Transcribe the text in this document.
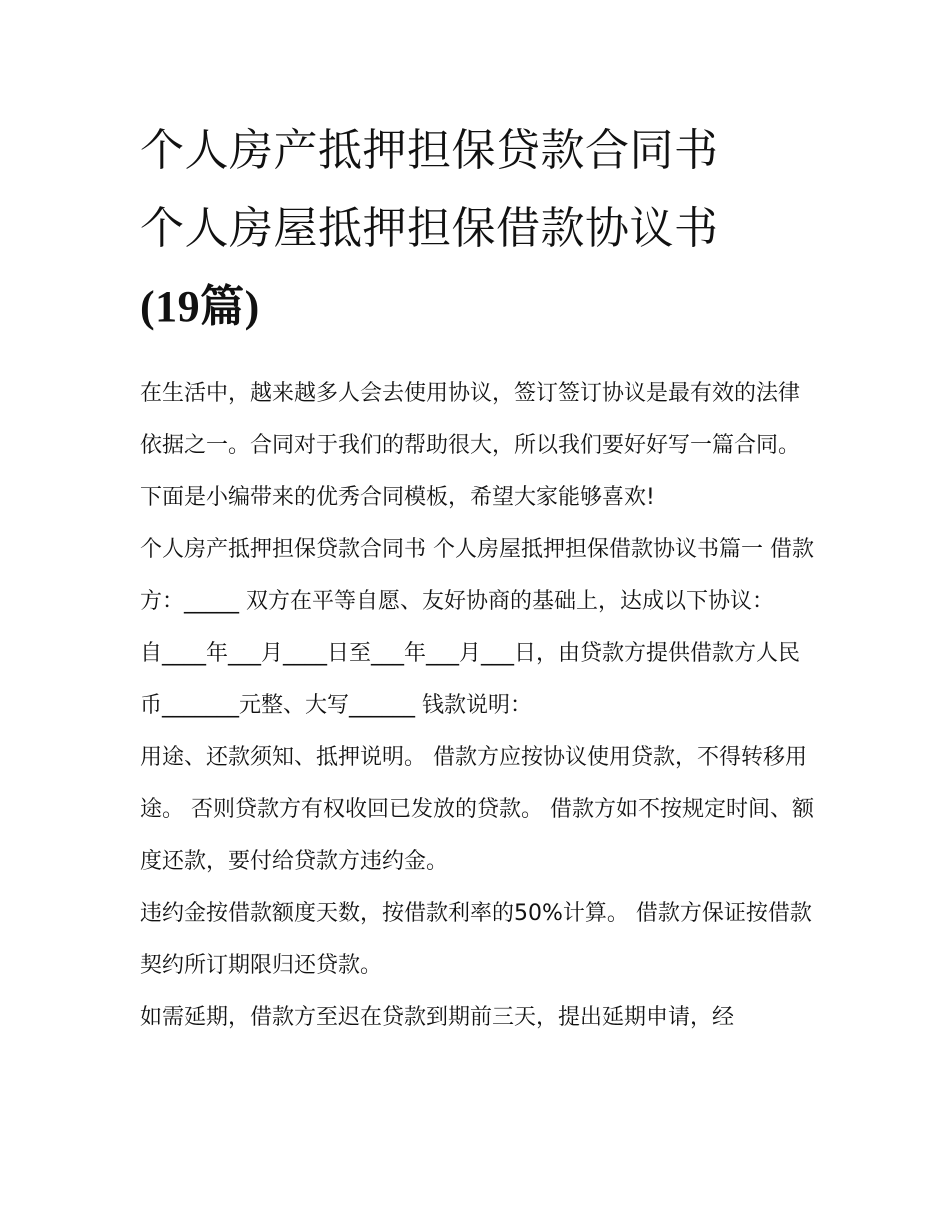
个人房产抵押担保贷款合同书
个人房屋抵押担保借款协议书
(19篇)

在生活中，越来越多人会去使用协议，签订签订协议是最有效的法律依据之一。合同对于我们的帮助很大，所以我们要好好写一篇合同。下面是小编带来的优秀合同模板，希望大家能够喜欢!

个人房产抵押担保贷款合同书 个人房屋抵押担保借款协议书篇一 借款方：_____ 双方在平等自愿、友好协商的基础上，达成以下协议：

自____年___月____日至___年___月___日，由贷款方提供借款方人民币_______元整、大写______ 钱款说明：

用途、还款须知、抵押说明。 借款方应按协议使用贷款，不得转移用途。 否则贷款方有权收回已发放的贷款。 借款方如不按规定时间、额度还款，要付给贷款方违约金。

违约金按借款额度天数，按借款利率的50%计算。 借款方保证按借款契约所订期限归还贷款。

如需延期，借款方至迟在贷款到期前三天，提出延期申请，经
